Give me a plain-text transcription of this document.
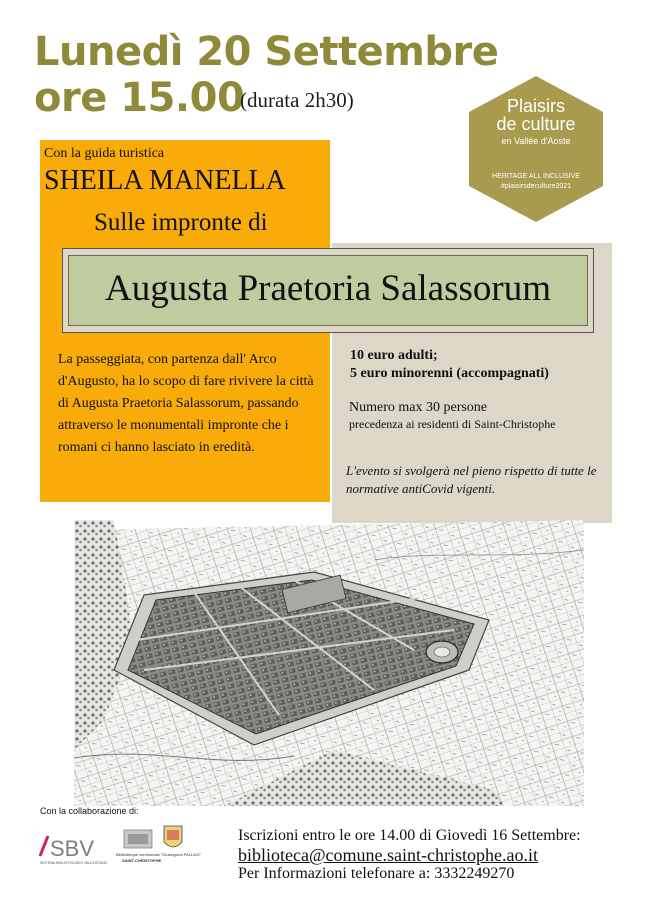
Lunedì 20 Settembre
ore 15.00
(durata 2h30)	Plaisirs
de culture
en Vallée d'Aoste
HERITAGE ALL INCLUSIVE
#plaisirsdeculture2021
Con la guida turistica
SHEILA MANELLA
Sulle impronte di
Augusta Praetoria Salassorum
La passeggiata, con partenza dall' Arco d'Augusto, ha lo scopo di fare rivivere la città di Augusta Praetoria Salassorum, passando attraverso le monumentali impronte che i romani ci hanno lasciato in eredità.
10 euro adulti;
5 euro minorenni (accompagnati)
Numero max 30 persone
precedenza ai residenti di Saint-Christophe
L'evento si svolgerà nel pieno rispetto di tutte le normative antiCovid vigenti.
Con la collaborazione di:
SBV
SISTEMA BIBLIOTECARIO VALDOSTANO
Bibliothèque communale "Giuseppina PALLAIS"
SAINT-CHRISTOPHE
Iscrizioni entro le ore 14.00 di Giovedì 16 Settembre:
biblioteca@comune.saint-christophe.ao.it
Per Informazioni telefonare a: 3332249270
